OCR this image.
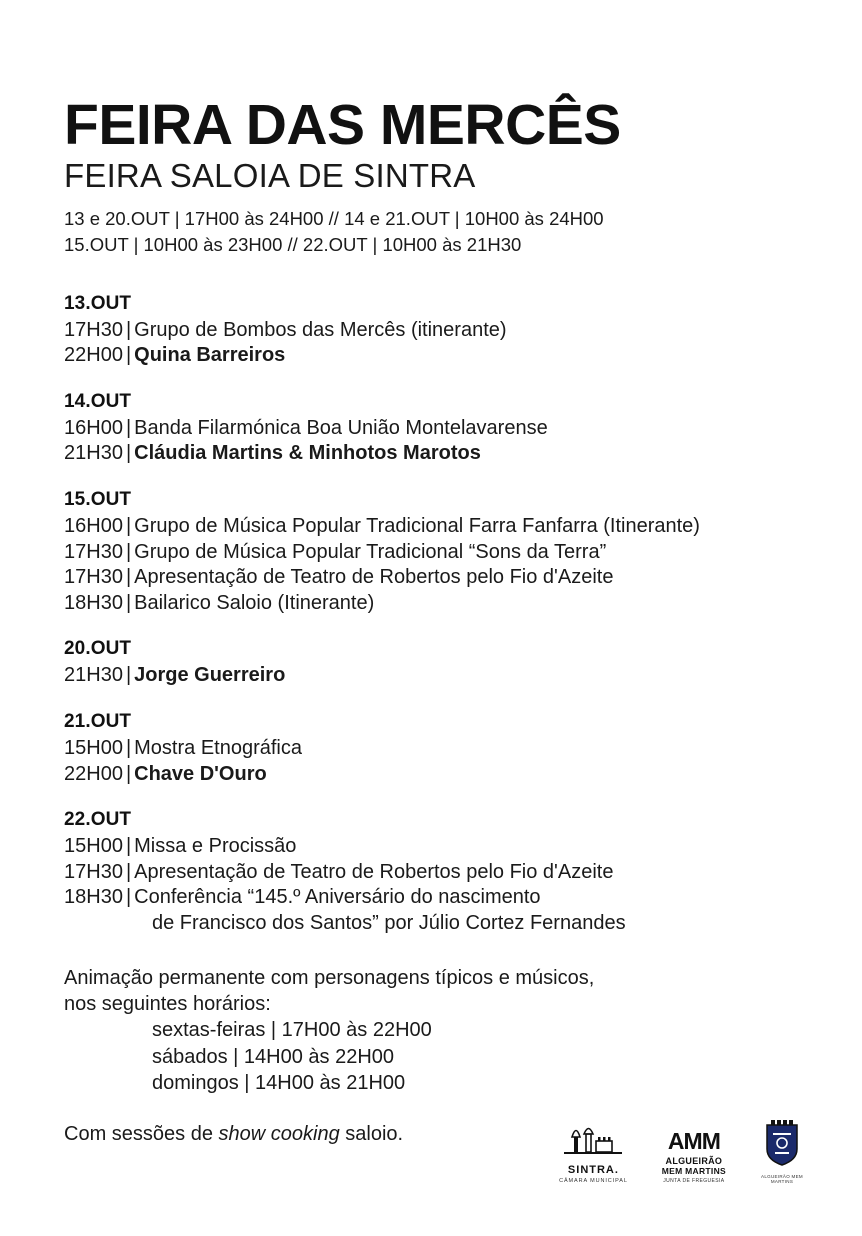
FEIRA DAS MERCÊS
FEIRA SALOIA DE SINTRA
13 e 20.OUT | 17H00 às 24H00 // 14 e 21.OUT | 10H00 às 24H00
15.OUT | 10H00 às 23H00 // 22.OUT | 10H00 às 21H30
13.OUT
17H30 | Grupo de Bombos das Mercês (itinerante)
22H00 | Quina Barreiros
14.OUT
16H00 | Banda Filarmónica Boa União Montelavarense
21H30 | Cláudia Martins & Minhotos Marotos
15.OUT
16H00 | Grupo de Música Popular Tradicional Farra Fanfarra (Itinerante)
17H30 | Grupo de Música Popular Tradicional “Sons da Terra”
17H30 | Apresentação de Teatro de Robertos pelo Fio d'Azeite
18H30 | Bailarico Saloio (Itinerante)
20.OUT
21H30 | Jorge Guerreiro
21.OUT
15H00 | Mostra Etnográfica
22H00 | Chave D'Ouro
22.OUT
15H00 | Missa e Procissão
17H30 | Apresentação de Teatro de Robertos pelo Fio d'Azeite
18H30 | Conferência “145.º Aniversário do nascimento
de Francisco dos Santos” por Júlio Cortez Fernandes
Animação permanente com personagens típicos e músicos,
nos seguintes horários:
sextas-feiras | 17H00 às 22H00
sábados | 14H00 às 22H00
domingos | 14H00 às 21H00
Com sessões de show cooking saloio.
SINTRA.
CÂMARA MUNICIPAL
AMM
ALGUEIRÃO
MEM MARTINS
JUNTA DE FREGUESIA
ALGUEIRÃO MEM MARTINS
